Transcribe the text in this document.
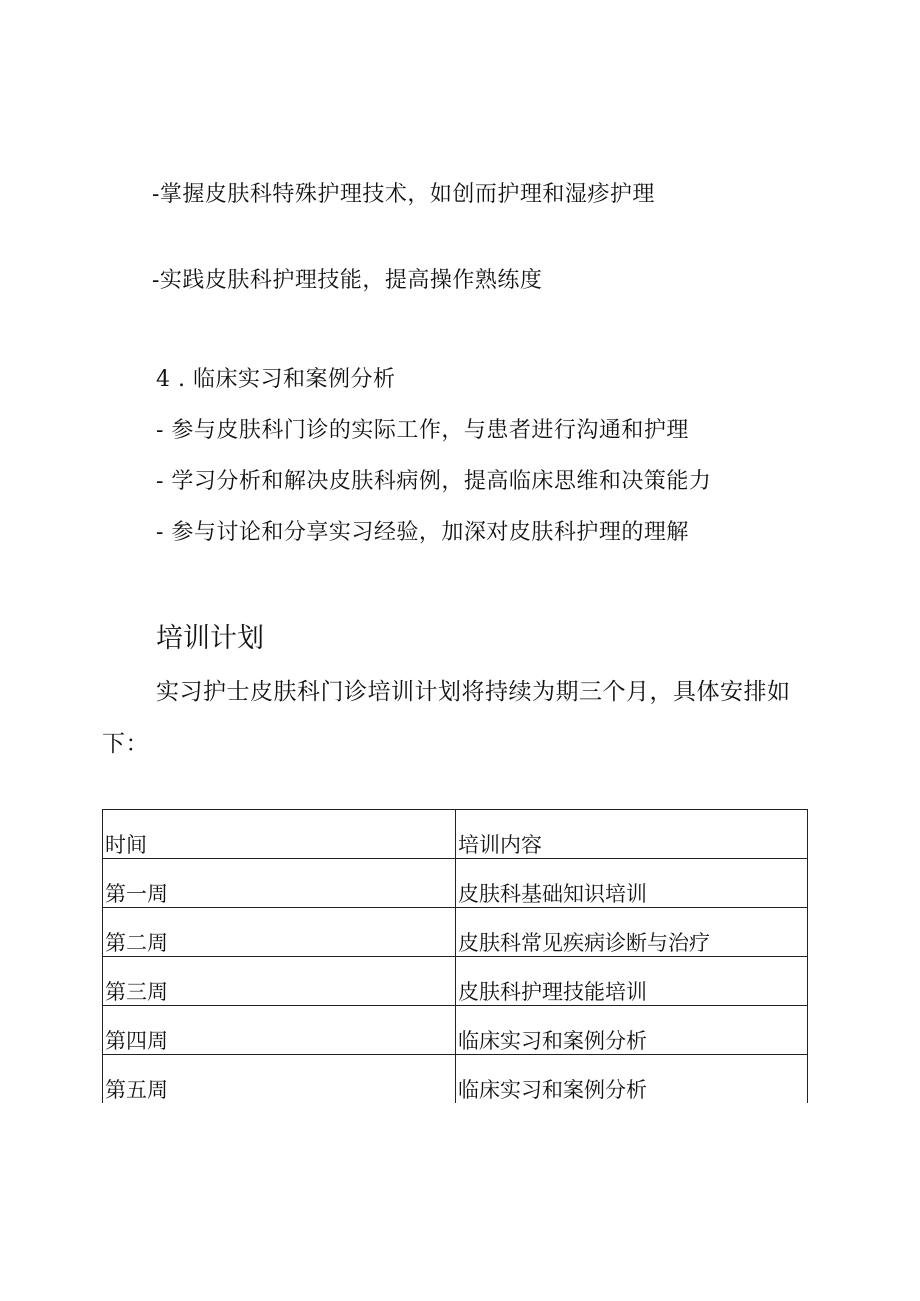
-掌握皮肤科特殊护理技术，如创而护理和湿疹护理
-实践皮肤科护理技能，提高操作熟练度
4 . 临床实习和案例分析
- 参与皮肤科门诊的实际工作，与患者进行沟通和护理
- 学习分析和解决皮肤科病例，提高临床思维和决策能力
- 参与讨论和分享实习经验，加深对皮肤科护理的理解
培训计划
实习护士皮肤科门诊培训计划将持续为期三个月，具体安排如
下：
时间	培训内容
第一周	皮肤科基础知识培训
第二周	皮肤科常见疾病诊断与治疗
第三周	皮肤科护理技能培训
第四周	临床实习和案例分析
第五周	临床实习和案例分析
